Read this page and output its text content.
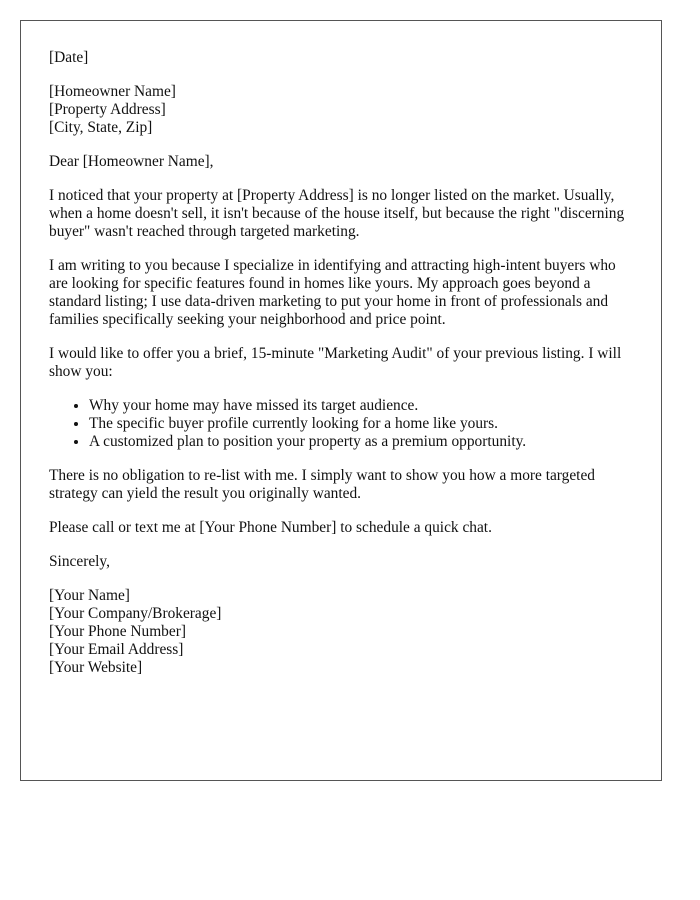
[Date]

[Homeowner Name]
[Property Address]
[City, State, Zip]

Dear [Homeowner Name],

I noticed that your property at [Property Address] is no longer listed on the market. Usually, when a home doesn't sell, it isn't because of the house itself, but because the right "discerning buyer" wasn't reached through targeted marketing.

I am writing to you because I specialize in identifying and attracting high-intent buyers who are looking for specific features found in homes like yours. My approach goes beyond a standard listing; I use data-driven marketing to put your home in front of professionals and families specifically seeking your neighborhood and price point.

I would like to offer you a brief, 15-minute "Marketing Audit" of your previous listing. I will show you:

• Why your home may have missed its target audience.
• The specific buyer profile currently looking for a home like yours.
• A customized plan to position your property as a premium opportunity.

There is no obligation to re-list with me. I simply want to show you how a more targeted strategy can yield the result you originally wanted.

Please call or text me at [Your Phone Number] to schedule a quick chat.

Sincerely,

[Your Name]
[Your Company/Brokerage]
[Your Phone Number]
[Your Email Address]
[Your Website]
